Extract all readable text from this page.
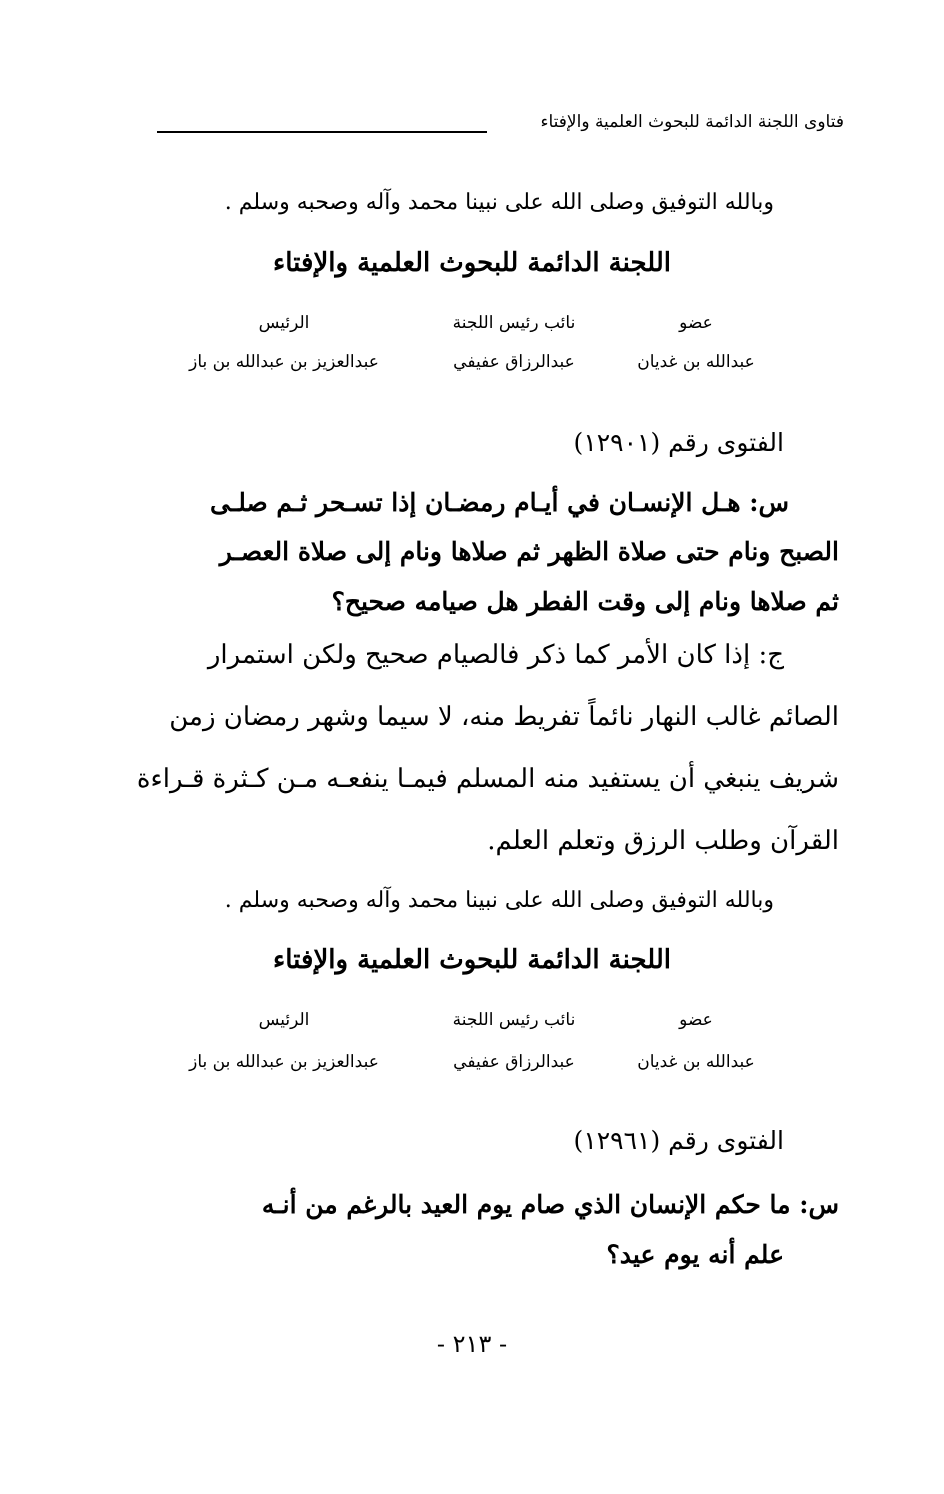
فتاوى اللجنة الدائمة للبحوث العلمية والإفتاء
وبالله التوفيق وصلى الله على نبينا محمد وآله وصحبه وسلم .
اللجنة الدائمة للبحوث العلمية والإفتاء
عضو
نائب رئيس اللجنة
الرئيس
عبدالله بن غديان
عبدالرزاق عفيفي
عبدالعزيز بن عبدالله بن باز
الفتوى رقم (١٢٩٠١)
س: هـل الإنسـان في أيـام رمضـان إذا تسـحر ثـم صلـى
الصبح ونام حتى صلاة الظهر ثم صلاها ونام إلى صلاة العصـر
ثم صلاها ونام إلى وقت الفطر هل صيامه صحيح؟
ج: إذا كان الأمر كما ذكر فالصيام صحيح ولكن استمرار
الصائم غالب النهار نائماً تفريط منه، لا سيما وشهر رمضان زمن
شريف ينبغي أن يستفيد منه المسلم فيمـا ينفعـه مـن كـثرة قـراءة
القرآن وطلب الرزق وتعلم العلم.
وبالله التوفيق وصلى الله على نبينا محمد وآله وصحبه وسلم .
اللجنة الدائمة للبحوث العلمية والإفتاء
عضو
نائب رئيس اللجنة
الرئيس
عبدالله بن غديان
عبدالرزاق عفيفي
عبدالعزيز بن عبدالله بن باز
الفتوى رقم (١٢٩٦١)
س: ما حكم الإنسان الذي صام يوم العيد بالرغم من أنـه
علم أنه يوم عيد؟
- ٢١٣ -
